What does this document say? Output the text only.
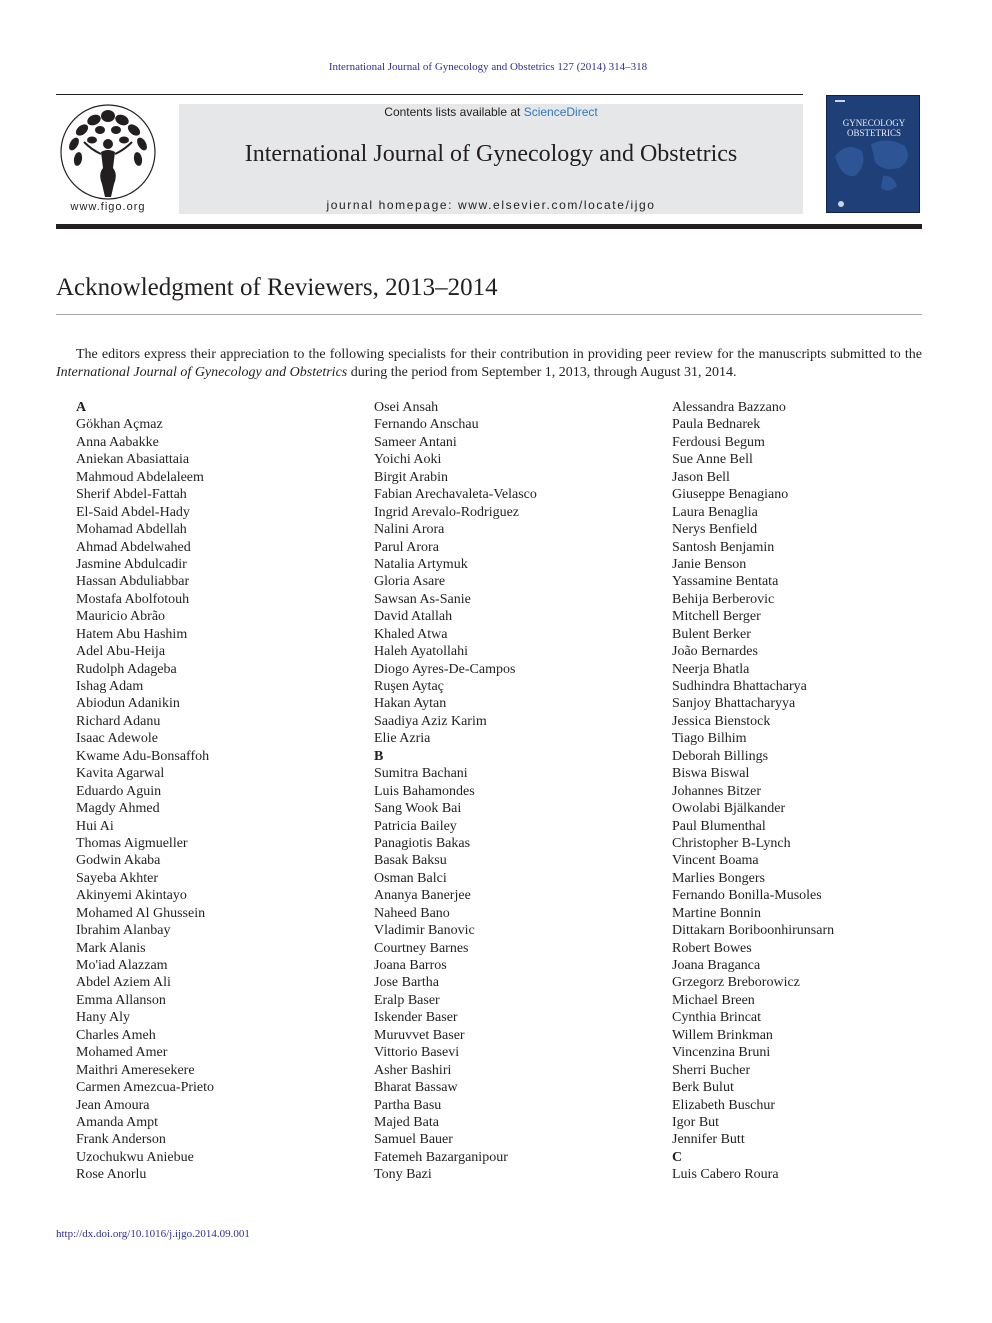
International Journal of Gynecology and Obstetrics 127 (2014) 314–318
www.figo.org
Contents lists available at ScienceDirect
International Journal of Gynecology and Obstetrics
journal homepage: www.elsevier.com/locate/ijgo
GYNECOLOGY
OBSTETRICS
Acknowledgment of Reviewers, 2013–2014
The editors express their appreciation to the following specialists for their contribution in providing peer review for the manuscripts submitted to the International Journal of Gynecology and Obstetrics during the period from September 1, 2013, through August 31, 2014.
A
Gökhan Açmaz
Anna Aabakke
Aniekan Abasiattaia
Mahmoud Abdelaleem
Sherif Abdel-Fattah
El-Said Abdel-Hady
Mohamad Abdellah
Ahmad Abdelwahed
Jasmine Abdulcadir
Hassan Abduliabbar
Mostafa Abolfotouh
Mauricio Abrão
Hatem Abu Hashim
Adel Abu-Heija
Rudolph Adageba
Ishag Adam
Abiodun Adanikin
Richard Adanu
Isaac Adewole
Kwame Adu-Bonsaffoh
Kavita Agarwal
Eduardo Aguin
Magdy Ahmed
Hui Ai
Thomas Aigmueller
Godwin Akaba
Sayeba Akhter
Akinyemi Akintayo
Mohamed Al Ghussein
Ibrahim Alanbay
Mark Alanis
Mo'iad Alazzam
Abdel Aziem Ali
Emma Allanson
Hany Aly
Charles Ameh
Mohamed Amer
Maithri Ameresekere
Carmen Amezcua-Prieto
Jean Amoura
Amanda Ampt
Frank Anderson
Uzochukwu Aniebue
Rose Anorlu
Osei Ansah
Fernando Anschau
Sameer Antani
Yoichi Aoki
Birgit Arabin
Fabian Arechavaleta-Velasco
Ingrid Arevalo-Rodriguez
Nalini Arora
Parul Arora
Natalia Artymuk
Gloria Asare
Sawsan As-Sanie
David Atallah
Khaled Atwa
Haleh Ayatollahi
Diogo Ayres-De-Campos
Ruşen Aytaç
Hakan Aytan
Saadiya Aziz Karim
Elie Azria
B
Sumitra Bachani
Luis Bahamondes
Sang Wook Bai
Patricia Bailey
Panagiotis Bakas
Basak Baksu
Osman Balci
Ananya Banerjee
Naheed Bano
Vladimir Banovic
Courtney Barnes
Joana Barros
Jose Bartha
Eralp Baser
Iskender Baser
Muruvvet Baser
Vittorio Basevi
Asher Bashiri
Bharat Bassaw
Partha Basu
Majed Bata
Samuel Bauer
Fatemeh Bazarganipour
Tony Bazi
Alessandra Bazzano
Paula Bednarek
Ferdousi Begum
Sue Anne Bell
Jason Bell
Giuseppe Benagiano
Laura Benaglia
Nerys Benfield
Santosh Benjamin
Janie Benson
Yassamine Bentata
Behija Berberovic
Mitchell Berger
Bulent Berker
João Bernardes
Neerja Bhatla
Sudhindra Bhattacharya
Sanjoy Bhattacharyya
Jessica Bienstock
Tiago Bilhim
Deborah Billings
Biswa Biswal
Johannes Bitzer
Owolabi Bjälkander
Paul Blumenthal
Christopher B-Lynch
Vincent Boama
Marlies Bongers
Fernando Bonilla-Musoles
Martine Bonnin
Dittakarn Boriboonhirunsarn
Robert Bowes
Joana Braganca
Grzegorz Breborowicz
Michael Breen
Cynthia Brincat
Willem Brinkman
Vincenzina Bruni
Sherri Bucher
Berk Bulut
Elizabeth Buschur
Igor But
Jennifer Butt
C
Luis Cabero Roura
http://dx.doi.org/10.1016/j.ijgo.2014.09.001
